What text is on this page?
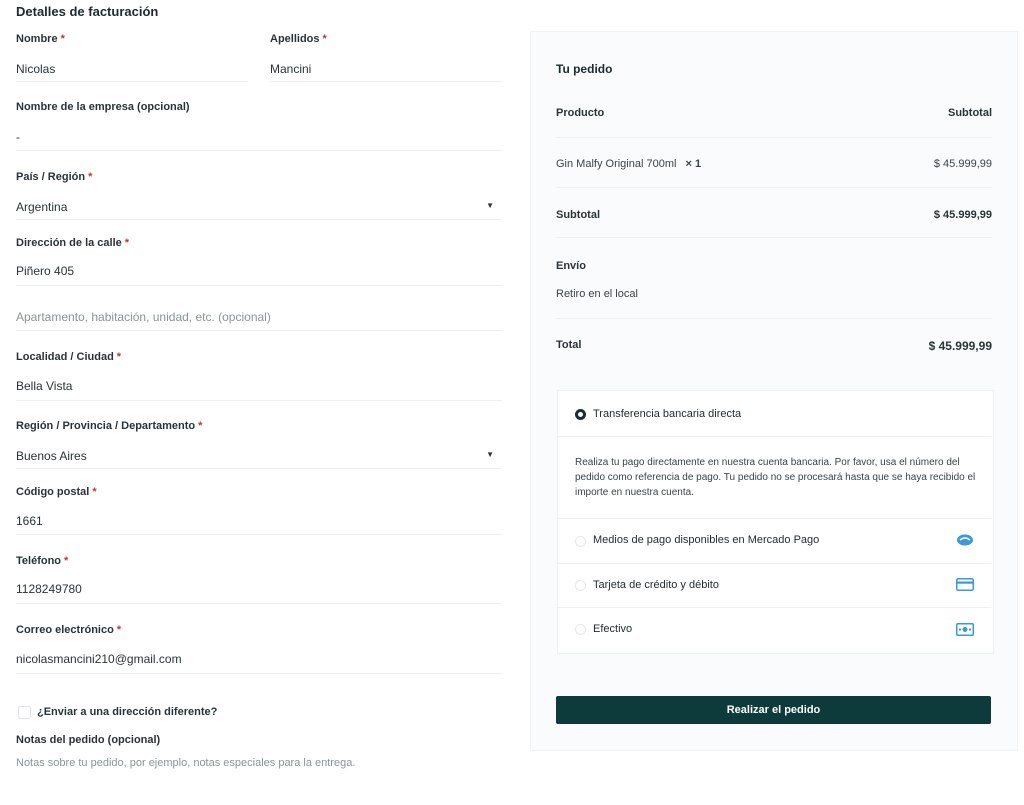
Detalles de facturación
Nombre *
Nicolas
Apellidos *
Mancini
Nombre de la empresa (opcional)
-
País / Región *
Argentina	▼
Dirección de la calle *
Piñero 405
Apartamento, habitación, unidad, etc. (opcional)
Localidad / Ciudad *
Bella Vista
Región / Provincia / Departamento *
Buenos Aires	▼
Código postal *
1661
Teléfono *
1128249780
Correo electrónico *
nicolasmancini210@gmail.com
¿Enviar a una dirección diferente?
Notas del pedido (opcional)
Notas sobre tu pedido, por ejemplo, notas especiales para la entrega.
Tu pedido
Producto	Subtotal
Gin Malfy Original 700ml × 1	$ 45.999,99
Subtotal	$ 45.999,99
Envío
Retiro en el local
Total	$ 45.999,99
Transferencia bancaria directa
Realiza tu pago directamente en nuestra cuenta bancaria. Por favor, usa el número del pedido como referencia de pago. Tu pedido no se procesará hasta que se haya recibido el importe en nuestra cuenta.
Medios de pago disponibles en Mercado Pago
Tarjeta de crédito y débito
Efectivo
Realizar el pedido
